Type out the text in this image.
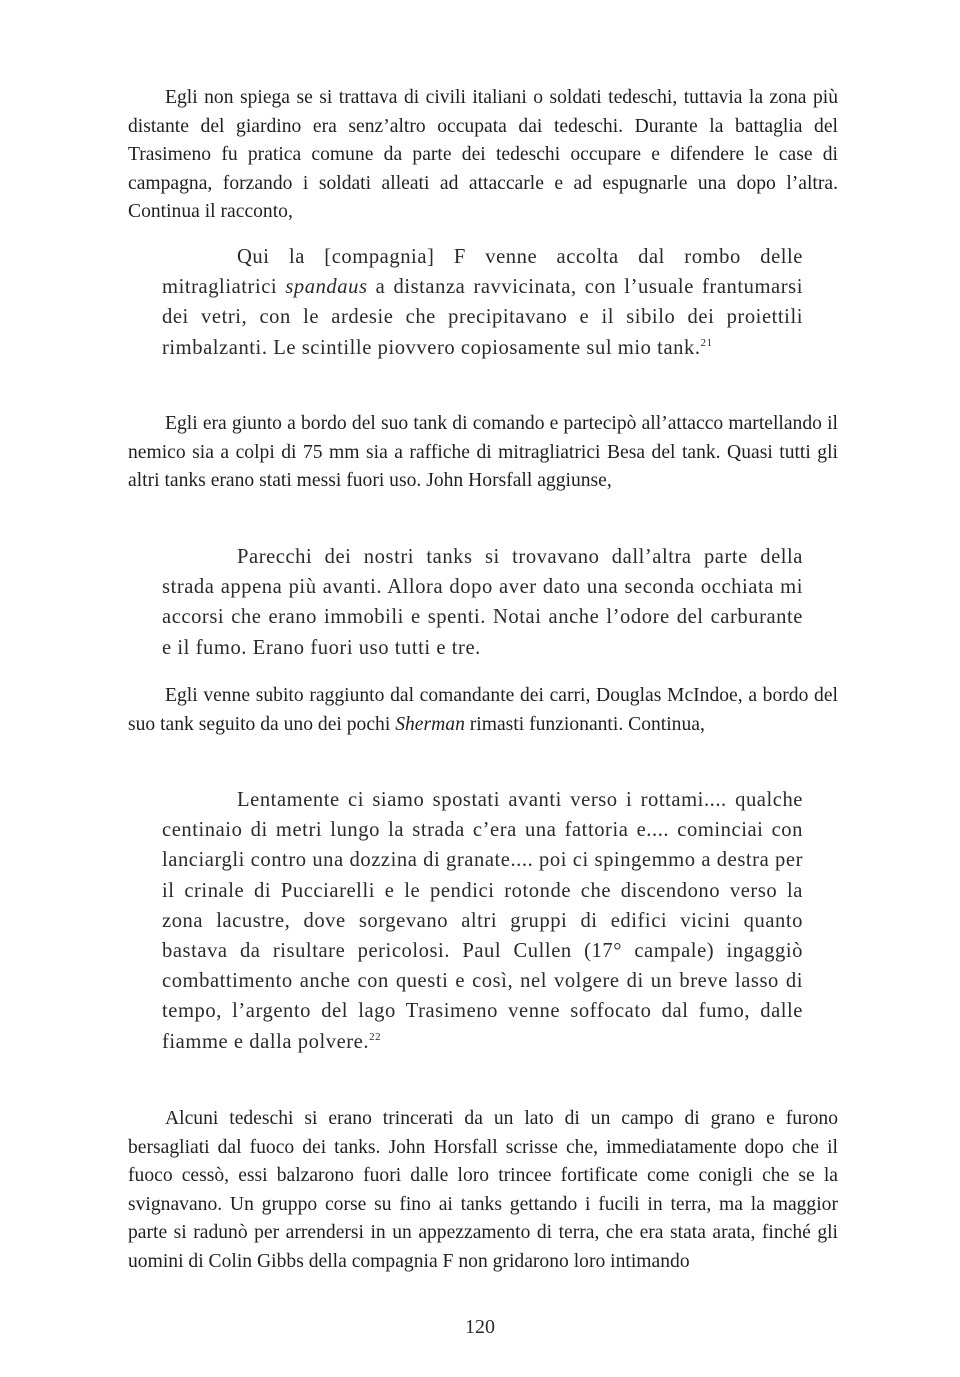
Egli non spiega se si trattava di civili italiani o soldati tedeschi, tuttavia la zona più distante del giardino era senz’altro occupata dai tedeschi. Durante la battaglia del Trasimeno fu pratica comune da parte dei tedeschi occupare e difendere le case di campagna, forzando i soldati alleati ad attaccarle e ad espugnarle una dopo l’altra. Continua il racconto,

Qui la [compagnia] F venne accolta dal rombo delle mitragliatrici spandaus a distanza ravvicinata, con l’usuale frantumarsi dei vetri, con le ardesie che precipitavano e il sibilo dei proiettili rimbalzanti. Le scintille piovvero copiosamente sul mio tank.$^{21}$

Egli era giunto a bordo del suo tank di comando e partecipò all’attacco martellando il nemico sia a colpi di 75 mm sia a raffiche di mitragliatrici Besa del tank. Quasi tutti gli altri tanks erano stati messi fuori uso. John Horsfall aggiunse,

Parecchi dei nostri tanks si trovavano dall’altra parte della strada appena più avanti. Allora dopo aver dato una seconda occhiata mi accorsi che erano immobili e spenti. Notai anche l’odore del carburante e il fumo. Erano fuori uso tutti e tre.

Egli venne subito raggiunto dal comandante dei carri, Douglas McIndoe, a bordo del suo tank seguito da uno dei pochi Sherman rimasti funzionanti. Continua,

Lentamente ci siamo spostati avanti verso i rottami.... qualche centinaio di metri lungo la strada c’era una fattoria e.... cominciai con lanciargli contro una dozzina di granate.... poi ci spingemmo a destra per il crinale di Pucciarelli e le pendici rotonde che discendono verso la zona lacustre, dove sorgevano altri gruppi di edifici vicini quanto bastava da risultare pericolosi. Paul Cullen (17° campale) ingaggiò combattimento anche con questi e così, nel volgere di un breve lasso di tempo, l’argento del lago Trasimeno venne soffocato dal fumo, dalle fiamme e dalla polvere.$^{22}$

Alcuni tedeschi si erano trincerati da un lato di un campo di grano e furono bersagliati dal fuoco dei tanks. John Horsfall scrisse che, immediatamente dopo che il fuoco cessò, essi balzarono fuori dalle loro trincee fortificate come conigli che se la svignavano. Un gruppo corse su fino ai tanks gettando i fucili in terra, ma la maggior parte si radunò per arrendersi in un appezzamento di terra, che era stata arata, finché gli uomini di Colin Gibbs della compagnia F non gridarono loro intimando

120
